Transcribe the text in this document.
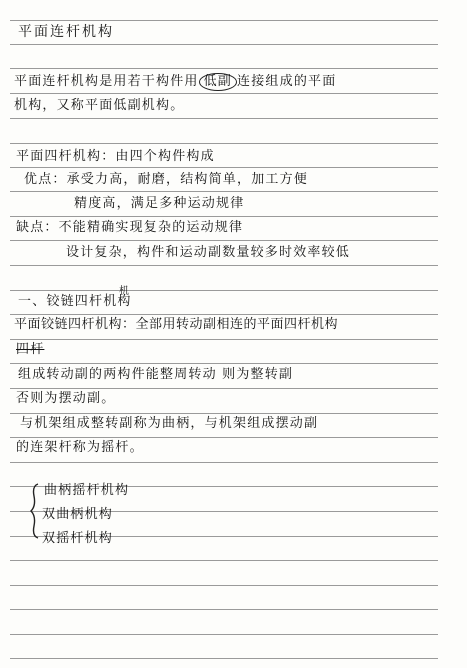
平面连杆机构
平面连杆机构是用若干构件用 低副 连接组成的平面
机构，又称平面低副机构。
平面四杆机构：由四个构件构成
优点：承受力高，耐磨，结构简单，加工方便
精度高，满足多种运动规律
缺点：不能精确实现复杂的运动规律
设计复杂，构件和运动副数量较多时效率较低
机
一、铰链四杆机构
平面铰链四杆机构：全部用转动副相连的平面四杆机构
四杆
组成转动副的两构件能整周转动 则为整转副
否则为摆动副。
与机架组成整转副称为曲柄，与机架组成摆动副
的连架杆称为摇杆。
曲柄摇杆机构
双曲柄机构
双摇杆机构
